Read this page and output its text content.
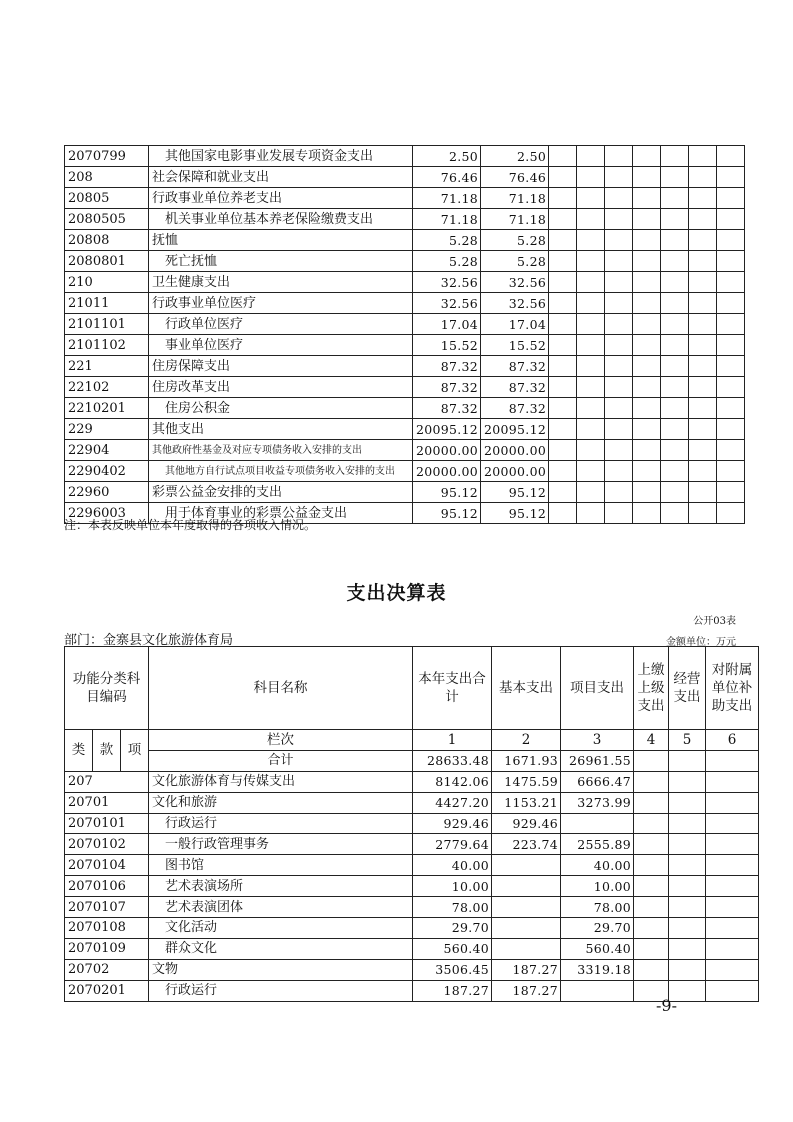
2070799	其他国家电影事业发展专项资金支出	2.50	2.50							
208	社会保障和就业支出	76.46	76.46							
20805	行政事业单位养老支出	71.18	71.18							
2080505	机关事业单位基本养老保险缴费支出	71.18	71.18							
20808	抚恤	5.28	5.28							
2080801	死亡抚恤	5.28	5.28							
210	卫生健康支出	32.56	32.56							
21011	行政事业单位医疗	32.56	32.56							
2101101	行政单位医疗	17.04	17.04							
2101102	事业单位医疗	15.52	15.52							
221	住房保障支出	87.32	87.32							
22102	住房改革支出	87.32	87.32							
2210201	住房公积金	87.32	87.32							
229	其他支出	20095.12	20095.12							
22904	其他政府性基金及对应专项债务收入安排的支出	20000.00	20000.00							
2290402	其他地方自行试点项目收益专项债务收入安排的支出	20000.00	20000.00							
22960	彩票公益金安排的支出	95.12	95.12							
2296003	用于体育事业的彩票公益金支出	95.12	95.12							
注：本表反映单位本年度取得的各项收入情况。
支出决算表
公开03表
部门：金寨县文化旅游体育局	金额单位：万元
功能分类科目编码			科目名称	本年支出合计	基本支出	项目支出	上缴上级支出	经营支出	对附属单位补助支出
类	款	项	栏次	1	2	3	4	5	6
			合计	28633.48	1671.93	26961.55			
207			文化旅游体育与传媒支出	8142.06	1475.59	6666.47			
20701			文化和旅游	4427.20	1153.21	3273.99			
2070101			行政运行	929.46	929.46				
2070102			一般行政管理事务	2779.64	223.74	2555.89			
2070104			图书馆	40.00		40.00			
2070106			艺术表演场所	10.00		10.00			
2070107			艺术表演团体	78.00		78.00			
2070108			文化活动	29.70		29.70			
2070109			群众文化	560.40		560.40			
20702			文物	3506.45	187.27	3319.18			
2070201			行政运行	187.27	187.27				
-9-
